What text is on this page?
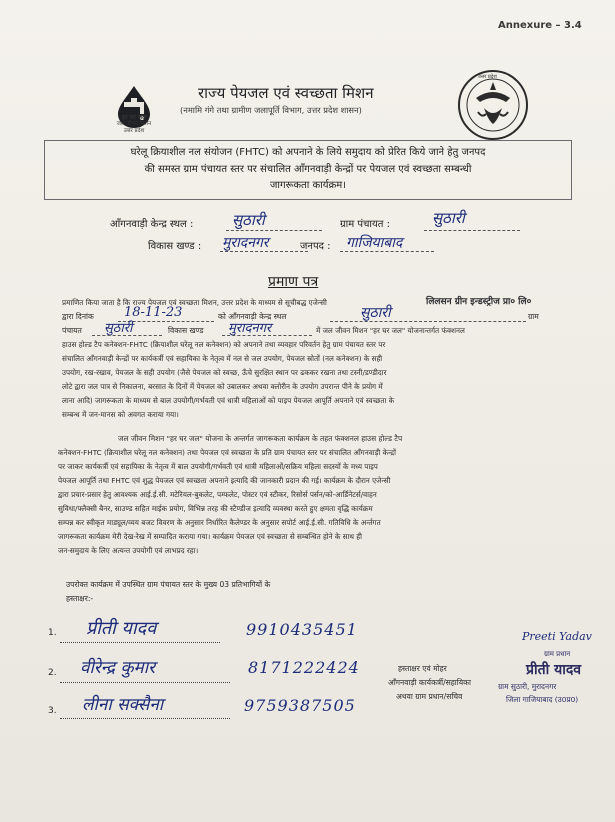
Annexure – 3.4
हर घर जल
जल जीवन मिशन
उत्तर प्रदेश
उत्तर प्रदेश
राज्य पेयजल एवं स्वच्छता मिशन
(नमामि गंगे तथा ग्रामीण जलापूर्ति विभाग, उत्तर प्रदेश शासन)
घरेलू क्रियाशील नल संयोजन (FHTC) को अपनाने के लिये समुदाय को प्रेरित किये जाने हेतु जनपद
की समस्त ग्राम पंचायत स्तर पर संचालित आँगनवाड़ी केन्द्रों पर पेयजल एवं स्वच्छता सम्बन्धी
जागरूकता कार्यक्रम।
आँगनवाड़ी केन्द्र स्थल :	सुठारी	ग्राम पंचायत :	सुठारी
विकास खण्ड : मुरादनगर	जनपद : गाजियाबाद
प्रमाण पत्र
प्रमाणित किया जाता है कि राज्य पेयजल एवं स्वच्छता मिशन, उत्तर प्रदेश के माध्यम से सूचीबद्ध एजेन्सी	लिलसन ग्रीन इन्डस्ट्रीज प्रा० लि०
द्वारा दिनांक 18-11-23	को आँगनवाड़ी केन्द्र स्थल	सुठारी	ग्राम
पंचायत सुठारी	विकास खण्ड मुरादनगर	में जल जीवन मिशन "हर घर जल" योजनान्तर्गत फंक्शनल
हाउस होल्ड टैप कनेक्शन-FHTC (क्रियाशील घरेलू नल कनेक्शन) को अपनाने तथा व्यवहार परिवर्तन हेतु ग्राम पंचायत स्तर पर
संचालित आँगनवाड़ी केन्द्रों पर कार्यकर्त्री एवं सहायिका के नेतृत्व में नल से जल उपयोग, पेयजल स्रोतों (नल कनेक्शन) के सही
उपयोग, रख-रखाव, पेयजल के सही उपयोग (जैसे पेयजल को स्वच्छ, ऊँचे सुरक्षित स्थान पर ढककर रखना तथा टस्नी/डण्डीदार
लोटे द्वारा जल पात्र से निकालना, बरसात के दिनों में पेयजल को उबालकर अथवा क्लोरीन के उपयोग उपरान्त पीने के प्रयोग में
लाना आदि) जागरूकता के माध्यम से बाल उपयोगी/गर्भवती एवं धात्री महिलाओं को पाइप पेयजल आपूर्ति अपनाने एवं स्वच्छता के
सम्बन्ध में जन-मानस को अवगत कराया गया।
जल जीवन मिशन "हर घर जल" योजना के अन्तर्गत जागरूकता कार्यक्रम के तहत फंक्शनल हाउस होल्ड टैप
कनेक्शन-FHTC (क्रियाशील घरेलू नल कनेक्शन) तथा पेयजल एवं स्वच्छता के प्रति ग्राम पंचायत स्तर पर संचालित आँगनवाड़ी केन्द्रों
पर जाकर कार्यकर्त्री एवं सहायिका के नेतृत्व में बाल उपयोगी/गर्भवती एवं धात्री महिलाओं/सक्रिय महिला सदस्यों के मध्य पाइप
पेयजल आपूर्ति तथा FHTC एवं शुद्ध पेयजल एवं स्वच्छता अपनाने इत्यादि की जानकारी प्रदान की गई। कार्यक्रम के दौरान एजेन्सी
द्वारा प्रचार-प्रसार हेतु आवश्यक आई.ई.सी. मटेरियल-बुकलेट, पम्फलेट, पोस्टर एवं स्टीकर, रिसोर्स पर्सन/को-आर्डिनेटर्स/वाहन
सुविधा/फ्लैक्सी बैनर, साउण्ड सहित माईक प्रयोग, विभिन्न तरह की स्टैण्डीज इत्यादि व्यवस्था करते हुए क्षमता वृद्धि कार्यक्रम
सम्पन्न कर स्वीकृत माड्यूल/व्यय बजट विवरण के अनुसार निर्धारित कैलेण्डर के अनुसार सपोर्ट आई.ई.सी. गतिविधि के अर्न्तगत
जागरूकता कार्यक्रम मेरी देख-रेख में सम्पादित कराया गया। कार्यक्रम पेयजल एवं स्वच्छता से सम्बन्धित होने के साथ ही
जन-समुदाय के लिए अत्यन्त उपयोगी एवं लाभप्रद रहा।
उपरोक्त कार्यक्रम में उपस्थित ग्राम पंचायत स्तर के मुख्य 03 प्रतिभागियों के
हस्ताक्षर:-
1. प्रीती यादव	9910435451
2. वीरेन्द्र कुमार	8171222424
3. लीना सक्सैना	9759387505
हस्ताक्षर एवं मोहर
आँगनवाड़ी कार्यकर्त्री/सहायिका
अथवा ग्राम प्रधान/सचिव
Preeti Yadav
ग्राम प्रधान
प्रीती यादव
ग्राम सुठारी, मुरादनगर
जिला गाजियाबाद (उ0प्र0)
